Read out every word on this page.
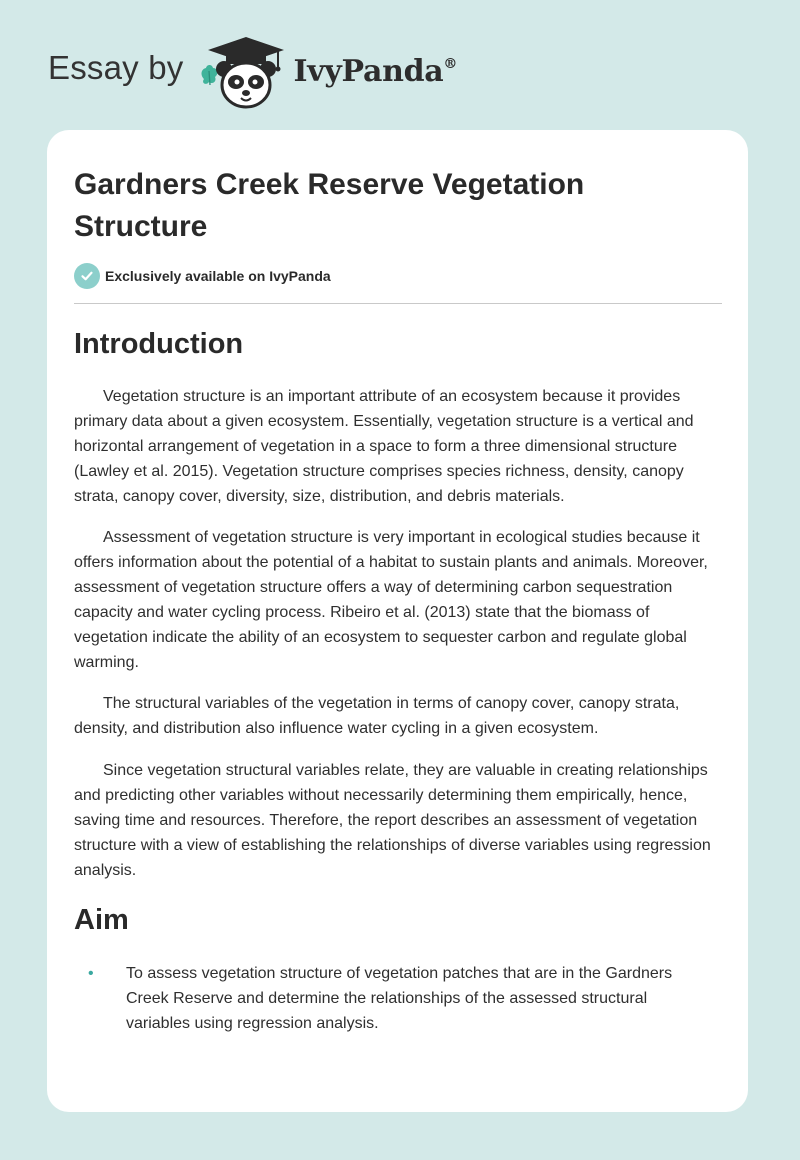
Essay by	IvyPanda®
Gardners Creek Reserve Vegetation Structure
Exclusively available on IvyPanda
Introduction

Vegetation structure is an important attribute of an ecosystem because it provides primary data about a given ecosystem. Essentially, vegetation structure is a vertical and horizontal arrangement of vegetation in a space to form a three dimensional structure (Lawley et al. 2015). Vegetation structure comprises species richness, density, canopy strata, canopy cover, diversity, size, distribution, and debris materials.

Assessment of vegetation structure is very important in ecological studies because it offers information about the potential of a habitat to sustain plants and animals. Moreover, assessment of vegetation structure offers a way of determining carbon sequestration capacity and water cycling process. Ribeiro et al. (2013) state that the biomass of vegetation indicate the ability of an ecosystem to sequester carbon and regulate global warming.

The structural variables of the vegetation in terms of canopy cover, canopy strata, density, and distribution also influence water cycling in a given ecosystem.

Since vegetation structural variables relate, they are valuable in creating relationships and predicting other variables without necessarily determining them empirically, hence, saving time and resources. Therefore, the report describes an assessment of vegetation structure with a view of establishing the relationships of diverse variables using regression analysis.

Aim
•	To assess vegetation structure of vegetation patches that are in the Gardners Creek Reserve and determine the relationships of the assessed structural variables using regression analysis.
